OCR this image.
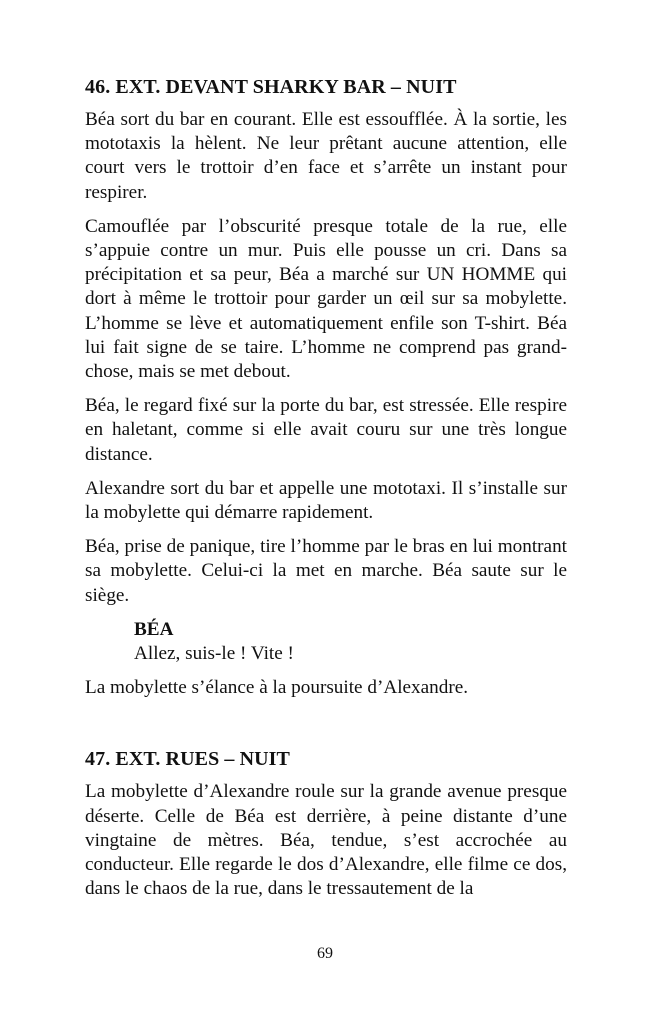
46. EXT. DEVANT SHARKY BAR – NUIT

Béa sort du bar en courant. Elle est essoufflée. À la sortie, les mototaxis la hèlent. Ne leur prêtant aucune attention, elle court vers le trottoir d’en face et s’arrête un instant pour respirer.

Camouflée par l’obscurité presque totale de la rue, elle s’appuie contre un mur. Puis elle pousse un cri. Dans sa précipitation et sa peur, Béa a marché sur UN HOMME qui dort à même le trottoir pour garder un œil sur sa mobylette. L’homme se lève et automatiquement enfile son T-shirt. Béa lui fait signe de se taire. L’homme ne comprend pas grand-chose, mais se met debout.

Béa, le regard fixé sur la porte du bar, est stressée. Elle respire en haletant, comme si elle avait couru sur une très longue distance.

Alexandre sort du bar et appelle une mototaxi. Il s’installe sur la mobylette qui démarre rapidement.

Béa, prise de panique, tire l’homme par le bras en lui montrant sa mobylette. Celui-ci la met en marche. Béa saute sur le siège.

BÉA
Allez, suis-le ! Vite !

La mobylette s’élance à la poursuite d’Alexandre.

47. EXT. RUES – NUIT

La mobylette d’Alexandre roule sur la grande avenue presque déserte. Celle de Béa est derrière, à peine distante d’une vingtaine de mètres. Béa, tendue, s’est accrochée au conducteur. Elle regarde le dos d’Alexandre, elle filme ce dos, dans le chaos de la rue, dans le tressautement de la

69
